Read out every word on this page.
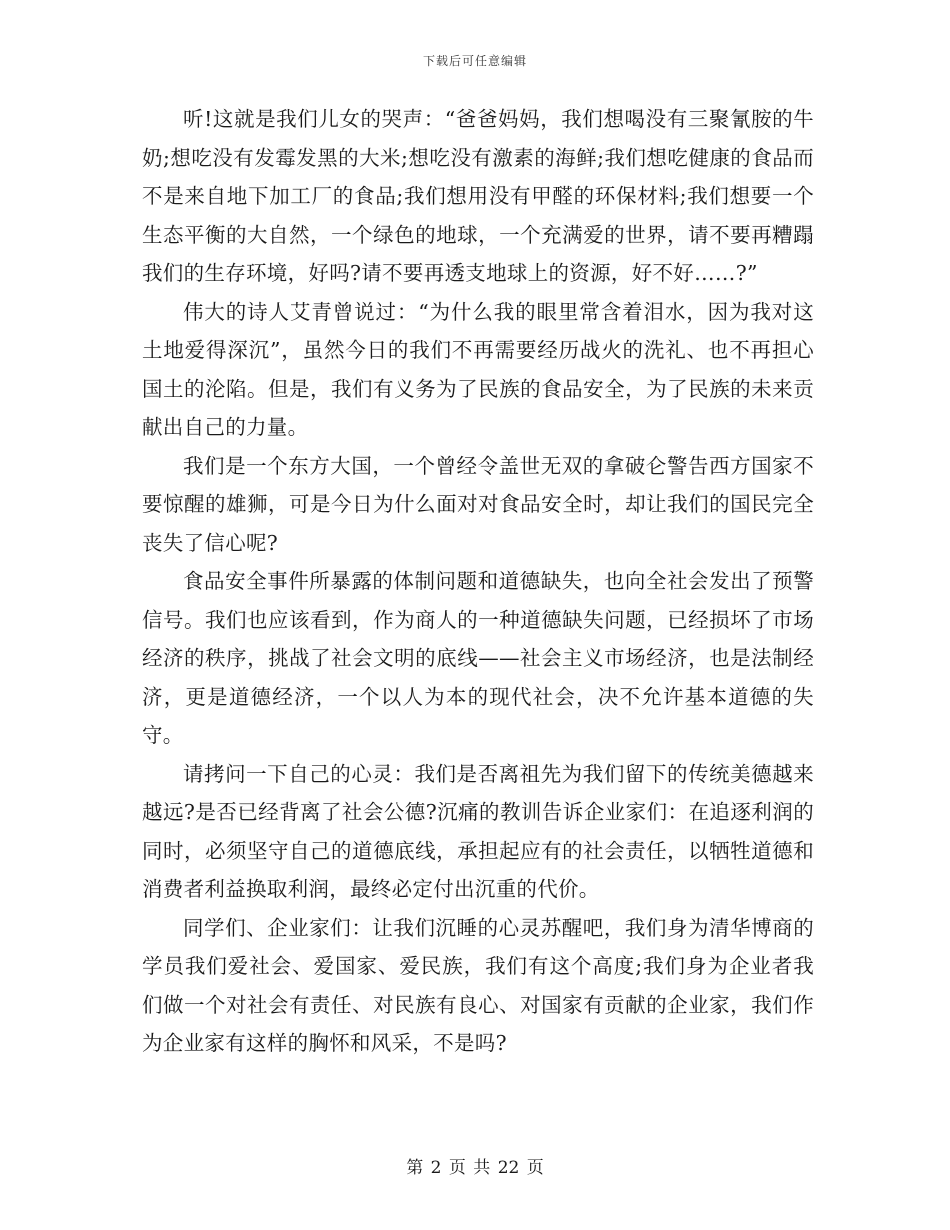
下载后可任意编辑

听!这就是我们儿女的哭声：“爸爸妈妈，我们想喝没有三聚氰胺的牛奶;想吃没有发霉发黑的大米;想吃没有激素的海鲜;我们想吃健康的食品而不是来自地下加工厂的食品;我们想用没有甲醛的环保材料;我们想要一个生态平衡的大自然，一个绿色的地球，一个充满爱的世界，请不要再糟蹋我们的生存环境，好吗?请不要再透支地球上的资源，好不好……?”

伟大的诗人艾青曾说过：“为什么我的眼里常含着泪水，因为我对这土地爱得深沉”，虽然今日的我们不再需要经历战火的洗礼、也不再担心国土的沦陷。但是，我们有义务为了民族的食品安全，为了民族的未来贡献出自己的力量。

我们是一个东方大国，一个曾经令盖世无双的拿破仑警告西方国家不要惊醒的雄狮，可是今日为什么面对对食品安全时，却让我们的国民完全丧失了信心呢?

食品安全事件所暴露的体制问题和道德缺失，也向全社会发出了预警信号。我们也应该看到，作为商人的一种道德缺失问题，已经损坏了市场经济的秩序，挑战了社会文明的底线——社会主义市场经济，也是法制经济，更是道德经济，一个以人为本的现代社会，决不允许基本道德的失守。

请拷问一下自己的心灵：我们是否离祖先为我们留下的传统美德越来越远?是否已经背离了社会公德?沉痛的教训告诉企业家们：在追逐利润的同时，必须坚守自己的道德底线，承担起应有的社会责任，以牺牲道德和消费者利益换取利润，最终必定付出沉重的代价。

同学们、企业家们：让我们沉睡的心灵苏醒吧，我们身为清华博商的学员我们爱社会、爱国家、爱民族，我们有这个高度;我们身为企业者我们做一个对社会有责任、对民族有良心、对国家有贡献的企业家，我们作为企业家有这样的胸怀和风采，不是吗?

第 2 页 共 22 页
